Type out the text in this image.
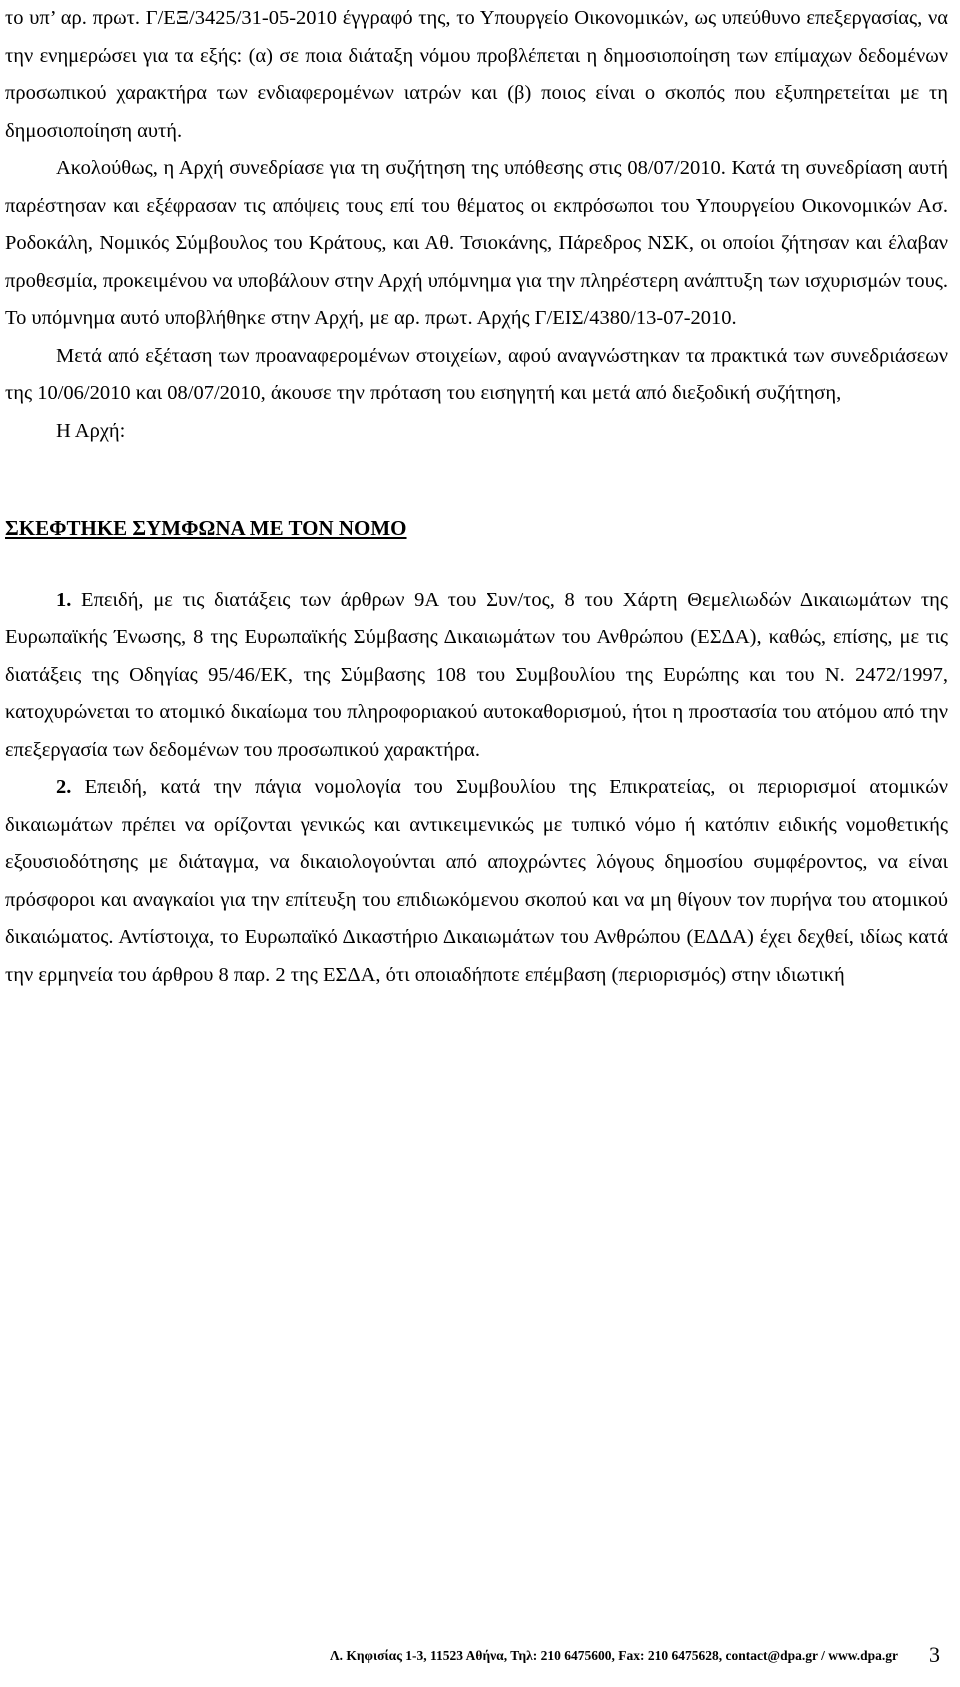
το υπ’ αρ. πρωτ. Γ/ΕΞ/3425/31-05-2010 έγγραφό της, το Υπουργείο Οικονομικών, ως υπεύθυνο επεξεργασίας, να την ενημερώσει για τα εξής: (α) σε ποια διάταξη νόμου προβλέπεται η δημοσιοποίηση των επίμαχων δεδομένων προσωπικού χαρακτήρα των ενδιαφερομένων ιατρών και (β) ποιος είναι ο σκοπός που εξυπηρετείται με τη δημοσιοποίηση αυτή.

Ακολούθως, η Αρχή συνεδρίασε για τη συζήτηση της υπόθεσης στις 08/07/2010. Κατά τη συνεδρίαση αυτή παρέστησαν και εξέφρασαν τις απόψεις τους επί του θέματος οι εκπρόσωποι του Υπουργείου Οικονομικών Ασ. Ροδοκάλη, Νομικός Σύμβουλος του Κράτους, και Αθ. Τσιοκάνης, Πάρεδρος ΝΣΚ, οι οποίοι ζήτησαν και έλαβαν προθεσμία, προκειμένου να υποβάλουν στην Αρχή υπόμνημα για την πληρέστερη ανάπτυξη των ισχυρισμών τους. Το υπόμνημα αυτό υποβλήθηκε στην Αρχή, με αρ. πρωτ. Αρχής Γ/ΕΙΣ/4380/13-07-2010.

Μετά από εξέταση των προαναφερομένων στοιχείων, αφού αναγνώστηκαν τα πρακτικά των συνεδριάσεων της 10/06/2010 και 08/07/2010, άκουσε την πρόταση του εισηγητή και μετά από διεξοδική συζήτηση,

Η Αρχή:

ΣΚΕΦΤΗΚΕ ΣΥΜΦΩΝΑ ΜΕ ΤΟΝ ΝΟΜΟ

1. Επειδή, με τις διατάξεις των άρθρων 9Α του Συν/τος, 8 του Χάρτη Θεμελιωδών Δικαιωμάτων της Ευρωπαϊκής Ένωσης, 8 της Ευρωπαϊκής Σύμβασης Δικαιωμάτων του Ανθρώπου (ΕΣΔΑ), καθώς, επίσης, με τις διατάξεις της Οδηγίας 95/46/ΕΚ, της Σύμβασης 108 του Συμβουλίου της Ευρώπης και του Ν. 2472/1997, κατοχυρώνεται το ατομικό δικαίωμα του πληροφοριακού αυτοκαθορισμού, ήτοι η προστασία του ατόμου από την επεξεργασία των δεδομένων του προσωπικού χαρακτήρα.

2. Επειδή, κατά την πάγια νομολογία του Συμβουλίου της Επικρατείας, οι περιορισμοί ατομικών δικαιωμάτων πρέπει να ορίζονται γενικώς και αντικειμενικώς με τυπικό νόμο ή κατόπιν ειδικής νομοθετικής εξουσιοδότησης με διάταγμα, να δικαιολογούνται από αποχρώντες λόγους δημοσίου συμφέροντος, να είναι πρόσφοροι και αναγκαίοι για την επίτευξη του επιδιωκόμενου σκοπού και να μη θίγουν τον πυρήνα του ατομικού δικαιώματος. Αντίστοιχα, το Ευρωπαϊκό Δικαστήριο Δικαιωμάτων του Ανθρώπου (ΕΔΔΑ) έχει δεχθεί, ιδίως κατά την ερμηνεία του άρθρου 8 παρ. 2 της ΕΣΔΑ, ότι οποιαδήποτε επέμβαση (περιορισμός) στην ιδιωτική

Λ. Κηφισίας 1-3, 11523 Αθήνα, Τηλ: 210 6475600, Fax: 210 6475628, contact@dpa.gr / www.dpa.gr 3
